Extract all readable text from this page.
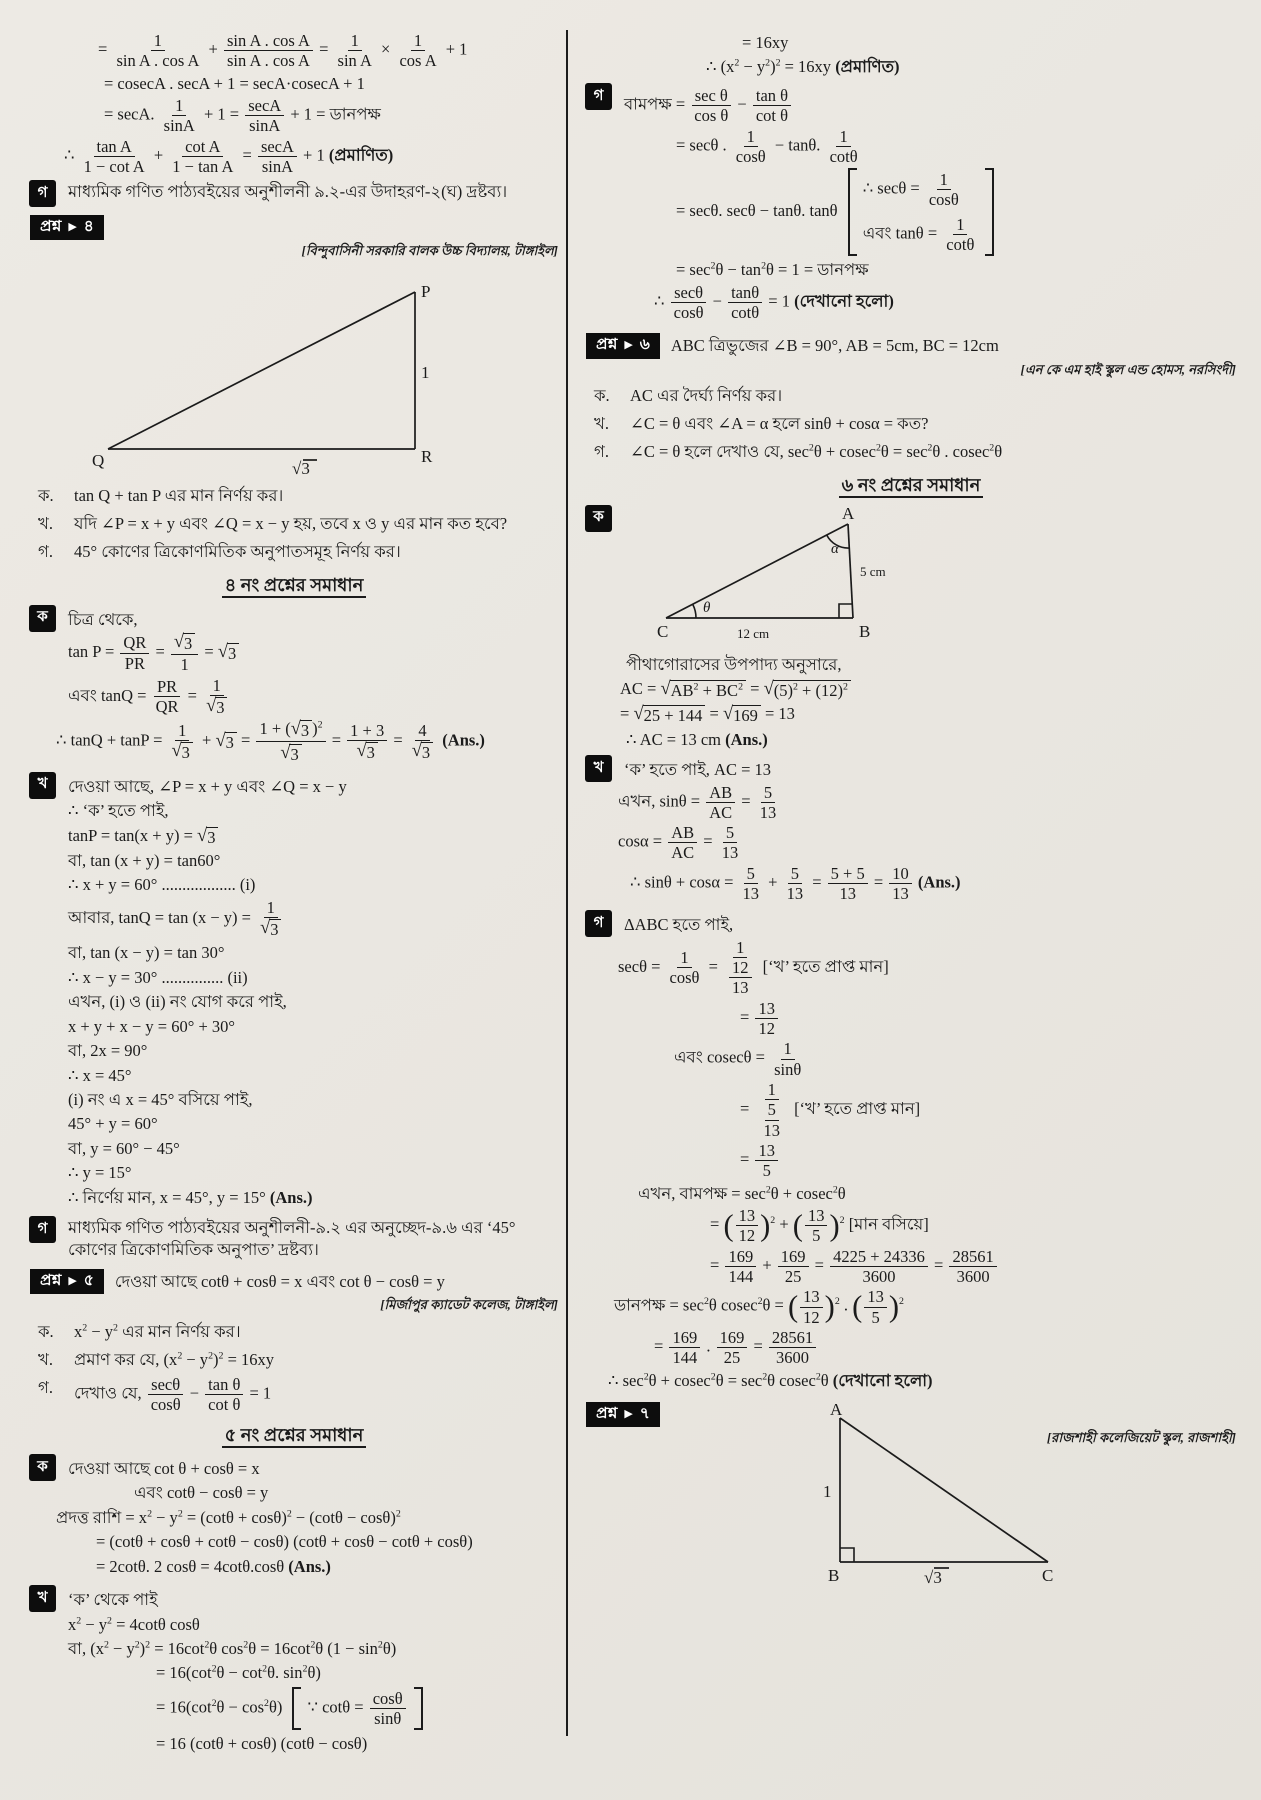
= $\frac{1}{\text{sin A . cos A}} + \frac{\text{sin A . cos A}}{\text{sin A . cos A}} = \frac{1}{\text{sin A}} \times \frac{1}{\text{cos A}} + 1$
= cosecA . secA + 1 = secA·cosecA + 1
= secA. $\frac{1}{\sin A} + 1 = \frac{\sec A}{\sin A} + 1$ = ডানপক্ষ
∴ $\frac{\text{tan A}}{\text{1 − cot A}} + \frac{\text{cot A}}{\text{1 − tan A}} = \frac{\sec A}{\sin A} + 1$ (প্রমাণিত)
গ	মাধ্যমিক গণিত পাঠ্যবইয়ের অনুশীলনী ৯.২-এর উদাহরণ-২(ঘ) দ্রষ্টব্য।
প্রশ্ন ▶ ৪
[বিন্দুবাসিনী সরকারি বালক উচ্চ বিদ্যালয়, টাঙ্গাইল]
P
Q	R
1
√3
ক.	tan Q + tan P এর মান নির্ণয় কর।
খ.	যদি ∠P = x + y এবং ∠Q = x − y হয়, তবে x ও y এর মান কত হবে?
গ.	45° কোণের ত্রিকোণমিতিক অনুপাতসমূহ নির্ণয় কর।
৪ নং প্রশ্নের সমাধান
ক	চিত্র থেকে,
$\tan P = \frac{QR}{PR} = \frac{√ 3}{1}$ = √ 3
এবং $\tan Q = \frac{PR}{QR} = \frac{1}{√ 3}$
∴ $\tan Q + \tan P = \frac{1}{√ 3}$ + √ $3 = \frac{1 + ( √ 3 )^2}{√ 3} = \frac{1 + 3}{√ 3} = \frac{4}{√ 3} (Ans.)$
খ	দেওয়া আছে, ∠P = x + y এবং ∠Q = x − y
∴ ‘ক’ হতে পাই,
tanP = tan(x + y) = √ 3
বা, tan (x + y) = tan60°
∴ x + y = 60° .................. (i)
আবার, $\tan Q = \tan (x - y) = \frac{1}{√ 3}$
বা, tan (x − y) = tan 30°
∴ x − y = 30° ............... (ii)
এখন, (i) ও (ii) নং যোগ করে পাই,
x + y + x − y = 60° + 30°
বা, 2x = 90°
∴ x = 45°
(i) নং এ x = 45° বসিয়ে পাই,
45° + y = 60°
বা, y = 60° − 45°
∴ y = 15°
∴ নির্ণেয় মান, x = 45°, y = 15° (Ans.)
গ	মাধ্যমিক গণিত পাঠ্যবইয়ের অনুশীলনী-৯.২ এর অনুচ্ছেদ-৯.৬ এর ‘45° কোণের ত্রিকোণমিতিক অনুপাত’ দ্রষ্টব্য।
প্রশ্ন ▶ ৫ দেওয়া আছে cotθ + cosθ = x এবং cot θ − cosθ = y
[মির্জাপুর ক্যাডেট কলেজ, টাঙ্গাইল]
ক.	$x^2 - y^2$ এর মান নির্ণয় কর।
খ.	প্রমাণ কর যে, $(x^2 - y^2)^2 = 16xy$
গ.	দেখাও যে, $\frac{\sec\theta}{\cos\theta} - \frac{\text{tan θ}}{\text{cot θ}} = 1$
৫ নং প্রশ্নের সমাধান
ক	দেওয়া আছে cot θ + cosθ = x
এবং cotθ − cosθ = y
প্রদত্ত রাশি = $x^2 - y^2 = (\cot\theta + \cos\theta)^2 - (\cot\theta - \cos\theta)^2$
= (cotθ + cosθ + cotθ − cosθ) (cotθ + cosθ − cotθ + cosθ)
= 2cotθ. 2 cosθ = 4cotθ.cosθ (Ans.)
খ	‘ক’ থেকে পাই
$x^2 - y^2 = 4\cot\theta$ cosθ
বা, $(x^2 - y^2)^2 = 16\cot^2\theta$ $\cos^2\theta = 16\cot^2\theta$ $(1 - \sin^2\theta)$
= $16(\cot^2\theta - \cot^2\theta$. $\sin^2\theta$)
= $16(\cot^2\theta - \cos^2\theta)$ ∵ $\cot\theta = \frac{\cos\theta}{\sin\theta}$
= 16 (cotθ + cosθ) (cotθ − cosθ)
= 16xy
∴ $(x^2 - y^2)^2 = 16xy$ (প্রমাণিত)
গ	বামপক্ষ = $\frac{\text{sec θ}}{\text{cos θ}} - \frac{\text{tan θ}}{\text{cot θ}}$
= secθ . $\frac{1}{\cos\theta} - \tan\theta$. $\frac{1}{\cot\theta}$
= secθ. secθ − tanθ. tanθ
∴ $\sec\theta = \frac{1}{\cos\theta}$
এবং $\tan\theta = \frac{1}{\cot\theta}$
= $\sec^2\theta - \tan^2\theta = 1$ = ডানপক্ষ
∴ $\frac{\sec\theta}{\cos\theta} - \frac{\tan\theta}{\cot\theta} = 1$ (দেখানো হলো)
প্রশ্ন ▶ ৬ ABC ত্রিভুজের ∠B = 90°, AB = 5cm, BC = 12cm
[এন কে এম হাই স্কুল এন্ড হোমস, নরসিংদী]
ক.	AC এর দৈর্ঘ্য নির্ণয় কর।
খ.	∠C = θ এবং ∠A = α হলে sinθ + cosα = কত?
গ.	∠C = θ হলে দেখাও যে, $\sec^2\theta + cosec^2\theta = \sec^2\theta$ . cosec$^2$θ
৬ নং প্রশ্নের সমাধান
ক	A
C	B
5 cm
12 cm
α
θ
পীথাগোরাসের উপপাদ্য অনুসারে,
AC = √ $AB^2 + BC^2$ = √ $(5)^2 + (12)^2$
= √ 25 + 144 = √ 169 = 13
∴ AC = 13 cm (Ans.)
খ	‘ক’ হতে পাই, AC = 13
এখন, $\sin\theta = \frac{AB}{AC} = \frac{5}{13}$
$\cos\alpha = \frac{AB}{AC} = \frac{5}{13}$
∴ $\sin\theta + \cos\alpha = \frac{5}{13} + \frac{5}{13} = \frac{5 + 5}{13} = \frac{10}{13} (Ans.)$
গ	ΔABC হতে পাই,
$\sec\theta = \frac{1}{\cos\theta} = \frac{1}{\frac{12}{13}}$ [‘খ’ হতে প্রাপ্ত মান]
= $\frac{13}{12}$
এবং $cosec\theta = \frac{1}{\sin\theta}$
= $\frac{1}{\frac{5}{13}}$ [‘খ’ হতে প্রাপ্ত মান]
= $\frac{13}{5}$
এখন, বামপক্ষ = $\sec^2\theta + cosec^2\theta$
= ( $\frac{13}{12} )^2$ + ( $\frac{13}{5} )^2$ [মান বসিয়ে]
= $\frac{169}{144} + \frac{169}{25} = \frac{4225 + 24336}{3600} = \frac{28561}{3600}$
ডানপক্ষ = $\sec^2\theta$ cosec$^2$θ = ( $\frac{13}{12} )^2$ . ( $\frac{13}{5} )^2$
= $\frac{169}{144}$ . $\frac{169}{25} = \frac{28561}{3600}$
∴ $\sec^2\theta + cosec^2\theta = \sec^2\theta$ cosec$^2$θ (দেখানো হলো)
প্রশ্ন ▶ ৭	A
B	C
1
√3
[রাজশাহী কলেজিয়েট স্কুল, রাজশাহী]
